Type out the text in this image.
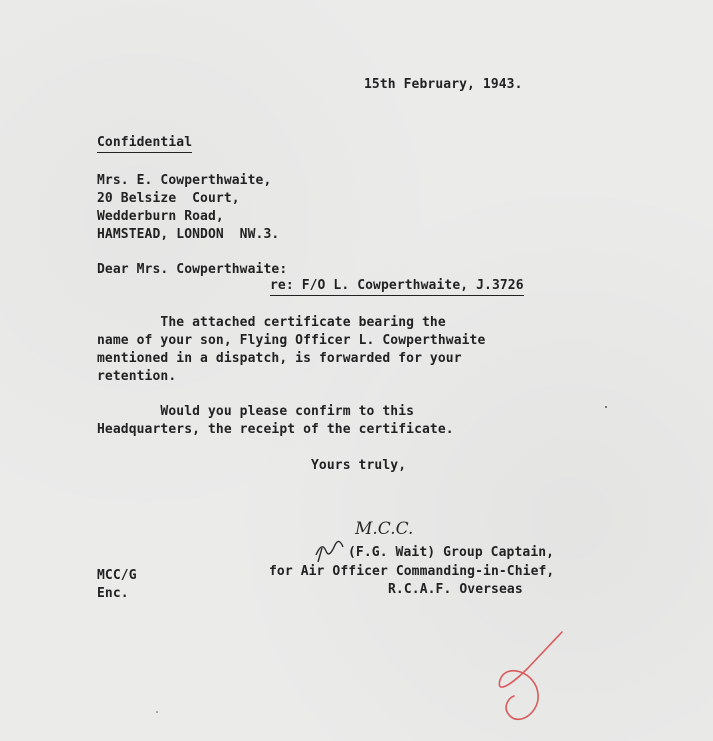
15th February, 1943.
Confidential
Mrs. E. Cowperthwaite,
20 Belsize  Court,
Wedderburn Road,
HAMSTEAD, LONDON  NW.3.
Dear Mrs. Cowperthwaite:
re: F/O L. Cowperthwaite, J.3726
The attached certificate bearing the
name of your son, Flying Officer L. Cowperthwaite
mentioned in a dispatch, is forwarded for your
retention.
Would you please confirm to this
Headquarters, the receipt of the certificate.
Yours truly,
M.C.C.
(F.G. Wait) Group Captain,
for Air Officer Commanding-in-Chief,
R.C.A.F. Overseas
MCC/G
Enc.
